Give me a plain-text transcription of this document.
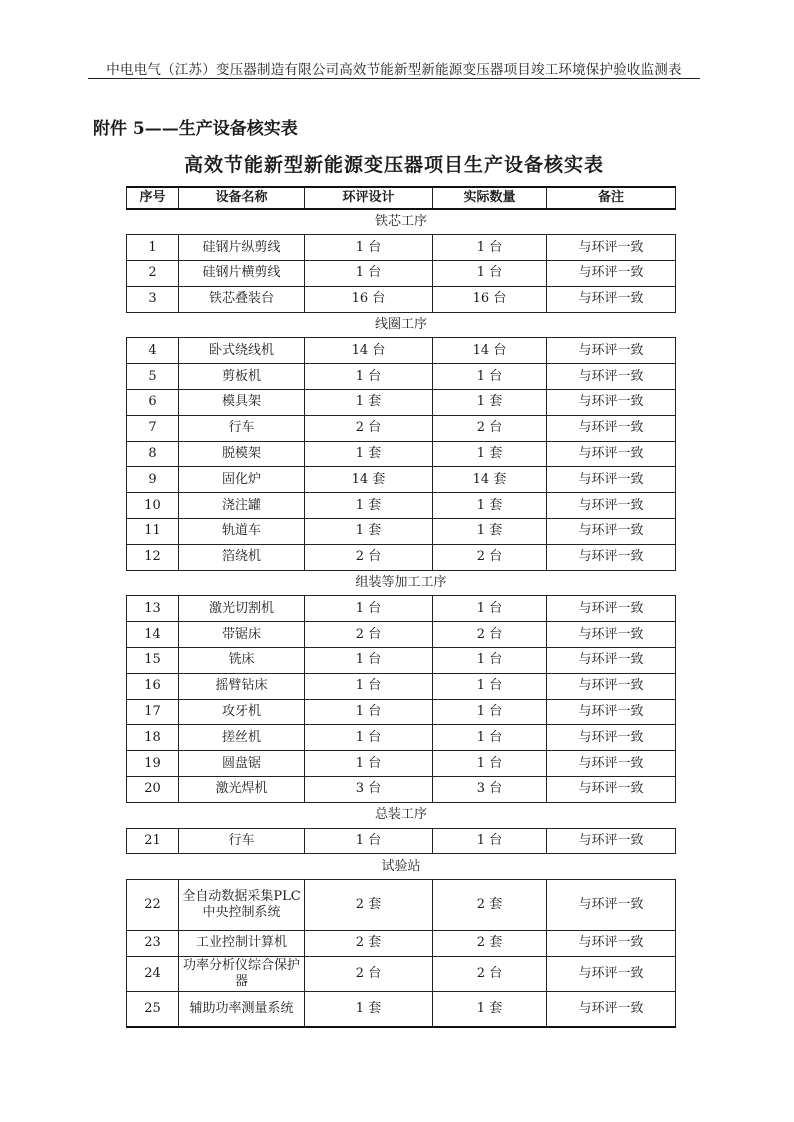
中电电气（江苏）变压器制造有限公司高效节能新型新能源变压器项目竣工环境保护验收监测表
附件 5——生产设备核实表
高效节能新型新能源变压器项目生产设备核实表
序号	设备名称	环评设计	实际数量	备注
铁芯工序				
1	硅钢片纵剪线	1 台	1 台	与环评一致
2	硅钢片横剪线	1 台	1 台	与环评一致
3	铁芯叠装台	16 台	16 台	与环评一致
线圈工序				
4	卧式绕线机	14 台	14 台	与环评一致
5	剪板机	1 台	1 台	与环评一致
6	模具架	1 套	1 套	与环评一致
7	行车	2 台	2 台	与环评一致
8	脱模架	1 套	1 套	与环评一致
9	固化炉	14 套	14 套	与环评一致
10	浇注罐	1 套	1 套	与环评一致
11	轨道车	1 套	1 套	与环评一致
12	箔绕机	2 台	2 台	与环评一致
组装等加工工序				
13	激光切割机	1 台	1 台	与环评一致
14	带锯床	2 台	2 台	与环评一致
15	铣床	1 台	1 台	与环评一致
16	摇臂钻床	1 台	1 台	与环评一致
17	攻牙机	1 台	1 台	与环评一致
18	搓丝机	1 台	1 台	与环评一致
19	圆盘锯	1 台	1 台	与环评一致
20	激光焊机	3 台	3 台	与环评一致
总装工序				
21	行车	1 台	1 台	与环评一致
试验站				
22	全自动数据采集PLC 中央控制系统	2 套	2 套	与环评一致
23	工业控制计算机	2 套	2 套	与环评一致
24	功率分析仪综合保护器	2 台	2 台	与环评一致
25	辅助功率测量系统	1 套	1 套	与环评一致
